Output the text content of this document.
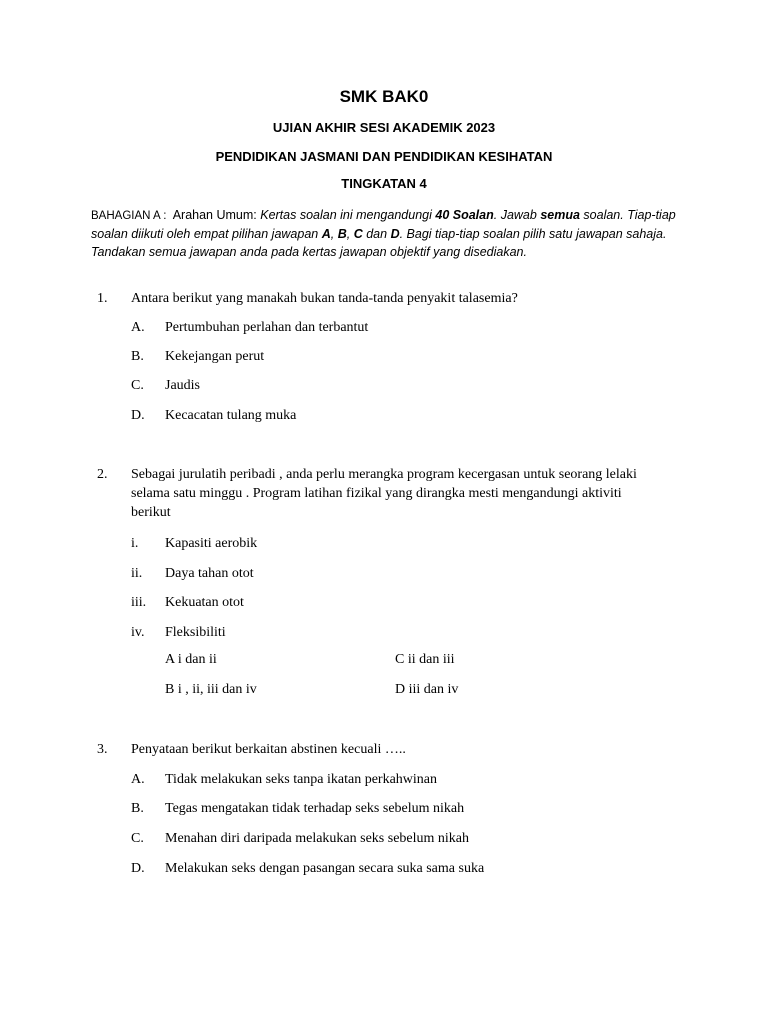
SMK BAK0
UJIAN AKHIR SESI AKADEMIK 2023
PENDIDIKAN JASMANI DAN PENDIDIKAN KESIHATAN
TINGKATAN 4
BAHAGIAN A : Arahan Umum: Kertas soalan ini mengandungi 40 Soalan. Jawab semua soalan. Tiap-tiap soalan diikuti oleh empat pilihan jawapan A, B, C dan D. Bagi tiap-tiap soalan pilih satu jawapan sahaja. Tandakan semua jawapan anda pada kertas jawapan objektif yang disediakan.
1. Antara berikut yang manakah bukan tanda-tanda penyakit talasemia?
A. Pertumbuhan perlahan dan terbantut
B. Kekejangan perut
C. Jaudis
D. Kecacatan tulang muka
2. Sebagai jurulatih peribadi , anda perlu merangka program kecergasan untuk seorang lelaki selama satu minggu . Program latihan fizikal yang dirangka mesti mengandungi aktiviti berikut
i. Kapasiti aerobik
ii. Daya tahan otot
iii. Kekuatan otot
iv. Fleksibiliti
A i dan ii	C ii dan iii
B i , ii, iii dan iv	D iii dan iv
3. Penyataan berikut berkaitan abstinen kecuali …..
A. Tidak melakukan seks tanpa ikatan perkahwinan
B. Tegas mengatakan tidak terhadap seks sebelum nikah
C. Menahan diri daripada melakukan seks sebelum nikah
D. Melakukan seks dengan pasangan secara suka sama suka
